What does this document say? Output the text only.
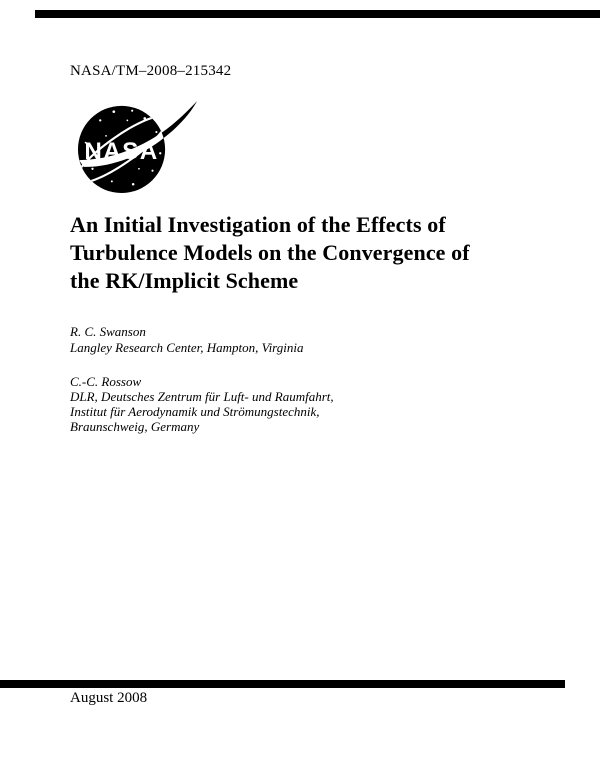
NASA/TM–2008–215342
NASA
An Initial Investigation of the Effects of
Turbulence Models on the Convergence of
the RK/Implicit Scheme
R. C. Swanson
Langley Research Center, Hampton, Virginia
C.-C. Rossow
DLR, Deutsches Zentrum für Luft- und Raumfahrt,
Institut für Aerodynamik und Strömungstechnik,
Braunschweig, Germany
August 2008
